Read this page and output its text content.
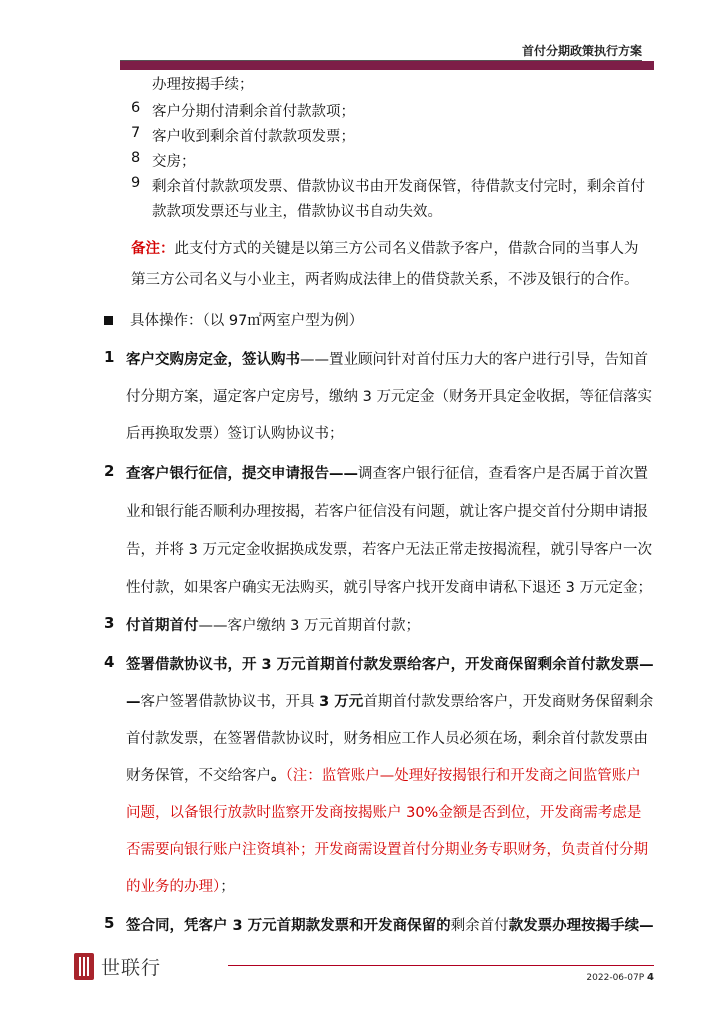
首付分期政策执行方案
办理按揭手续；
6 客户分期付清剩余首付款款项；
7 客户收到剩余首付款款项发票；
8 交房；
9 剩余首付款款项发票、借款协议书由开发商保管，待借款支付完时，剩余首付
款款项发票还与业主，借款协议书自动失效。
备注：此支付方式的关键是以第三方公司名义借款予客户，借款合同的当事人为
第三方公司名义与小业主，两者购成法律上的借贷款关系，不涉及银行的合作。
具体操作：（以 97㎡两室户型为例）
1 客户交购房定金，签认购书——置业顾问针对首付压力大的客户进行引导，告知首
付分期方案，逼定客户定房号，缴纳 3 万元定金（财务开具定金收据，等征信落实
后再换取发票）签订认购协议书；
2 查客户银行征信，提交申请报告——调查客户银行征信，查看客户是否属于首次置
业和银行能否顺利办理按揭，若客户征信没有问题，就让客户提交首付分期申请报
告，并将 3 万元定金收据换成发票，若客户无法正常走按揭流程，就引导客户一次
性付款，如果客户确实无法购买，就引导客户找开发商申请私下退还 3 万元定金；
3 付首期首付——客户缴纳 3 万元首期首付款；
4 签署借款协议书，开 3 万元首期首付款发票给客户，开发商保留剩余首付款发票—
—客户签署借款协议书，开具 3 万元首期首付款发票给客户，开发商财务保留剩余
首付款发票，在签署借款协议时，财务相应工作人员必须在场，剩余首付款发票由
财务保管，不交给客户。（注：监管账户—处理好按揭银行和开发商之间监管账户
问题，以备银行放款时监察开发商按揭账户 30%金额是否到位，开发商需考虑是
否需要向银行账户注资填补；开发商需设置首付分期业务专职财务，负责首付分期
的业务的办理）；
5 签合同，凭客户 3 万元首期款发票和开发商保留的剩余首付款发票办理按揭手续—
世联行	2022-06-07P 4
